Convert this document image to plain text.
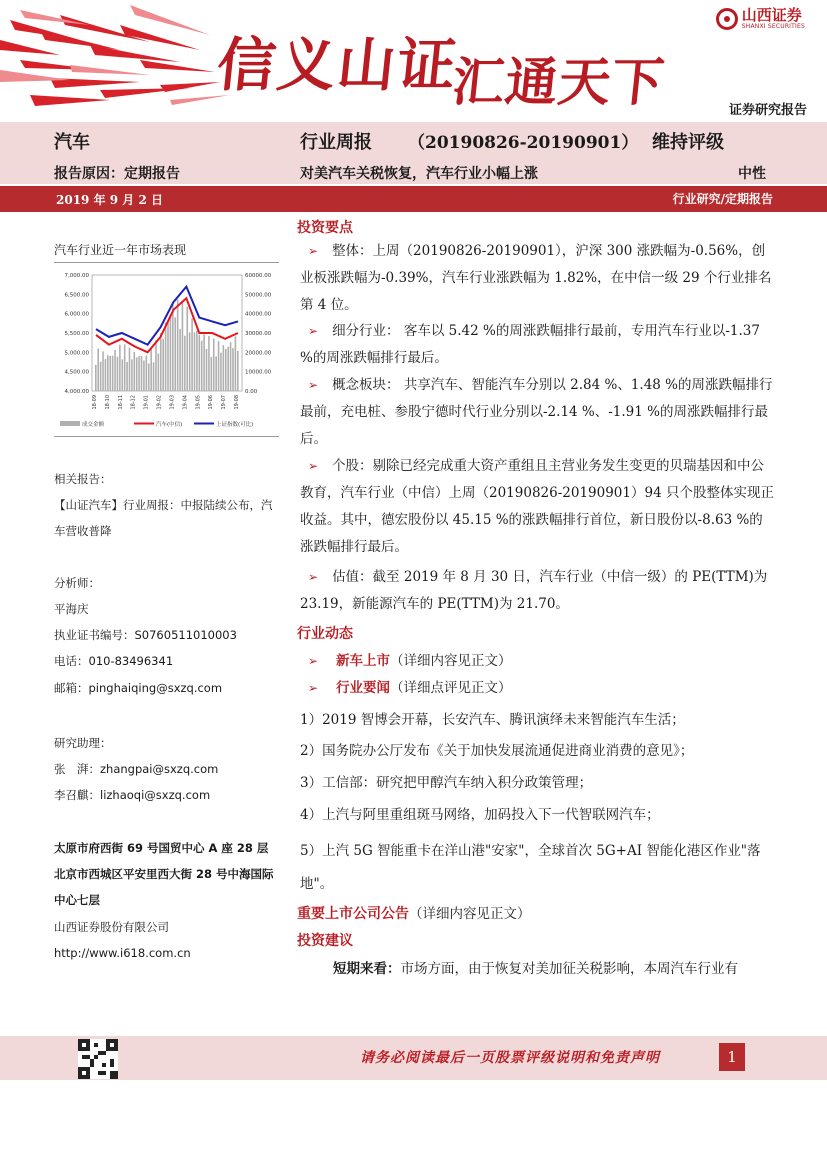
信义山证
汇通天下
山西证券
SHANXI SECURITIES
证券研究报告
汽车	行业周报 （20190826-20190901） 维持评级
报告原因：定期报告	对美汽车关税恢复，汽车行业小幅上涨	中性
2019 年 9 月 2 日	行业研究/定期报告
汽车行业近一年市场表现
7,000.00
6,500.00
6,000.00
5,500.00
5,000.00
4,500.00
4,000.00
60000.00
50000.00
40000.00
30000.00
20000.00
10000.00
0.00
18-09 18-10 18-11 18-12 19-01 19-02 19-03 19-04 19-05 19-06 19-07 19-08
成交金额	汽车(中信)	上证指数(可比)
相关报告：
【山证汽车】行业周报：中报陆续公布，汽车营收普降
分析师：
平海庆
执业证书编号：S0760511010003
电话：010-83496341
邮箱：pinghaiqing@sxzq.com
研究助理：
张　湃：zhangpai@sxzq.com
李召麒：lizhaoqi@sxzq.com
太原市府西街 69 号国贸中心 A 座 28 层
北京市西城区平安里西大街 28 号中海国际中心七层
山西证券股份有限公司
http://www.i618.com.cn
投资要点
➢ 整体：上周（20190826-20190901），沪深 300 涨跌幅为-0.56%，创业板涨跌幅为-0.39%，汽车行业涨跌幅为 1.82%，在中信一级 29 个行业排名第 4 位。
➢ 细分行业： 客车以 5.42 %的周涨跌幅排行最前，专用汽车行业以-1.37 %的周涨跌幅排行最后。
➢ 概念板块： 共享汽车、智能汽车分别以 2.84 %、1.48 %的周涨跌幅排行最前，充电桩、参股宁德时代行业分别以-2.14 %、-1.91 %的周涨跌幅排行最后。
➢ 个股：剔除已经完成重大资产重组且主营业务发生变更的贝瑞基因和中公教育，汽车行业（中信）上周（20190826-20190901）94 只个股整体实现正收益。其中，德宏股份以 45.15 %的涨跌幅排行首位，新日股份以-8.63 %的涨跌幅排行最后。
➢ 估值：截至 2019 年 8 月 30 日，汽车行业（中信一级）的 PE(TTM)为 23.19，新能源汽车的 PE(TTM)为 21.70。
行业动态
➢ 新车上市（详细内容见正文）
➢ 行业要闻（详细点评见正文）
1）2019 智博会开幕，长安汽车、腾讯演绎未来智能汽车生活；
2）国务院办公厅发布《关于加快发展流通促进商业消费的意见》；
3）工信部：研究把甲醇汽车纳入积分政策管理；
4）上汽与阿里重组斑马网络，加码投入下一代智联网汽车；
5）上汽 5G 智能重卡在洋山港"安家"，全球首次 5G+AI 智能化港区作业"落地"。
重要上市公司公告（详细内容见正文）
投资建议
短期来看：市场方面，由于恢复对美加征关税影响，本周汽车行业有
请务必阅读最后一页股票评级说明和免责声明	1
